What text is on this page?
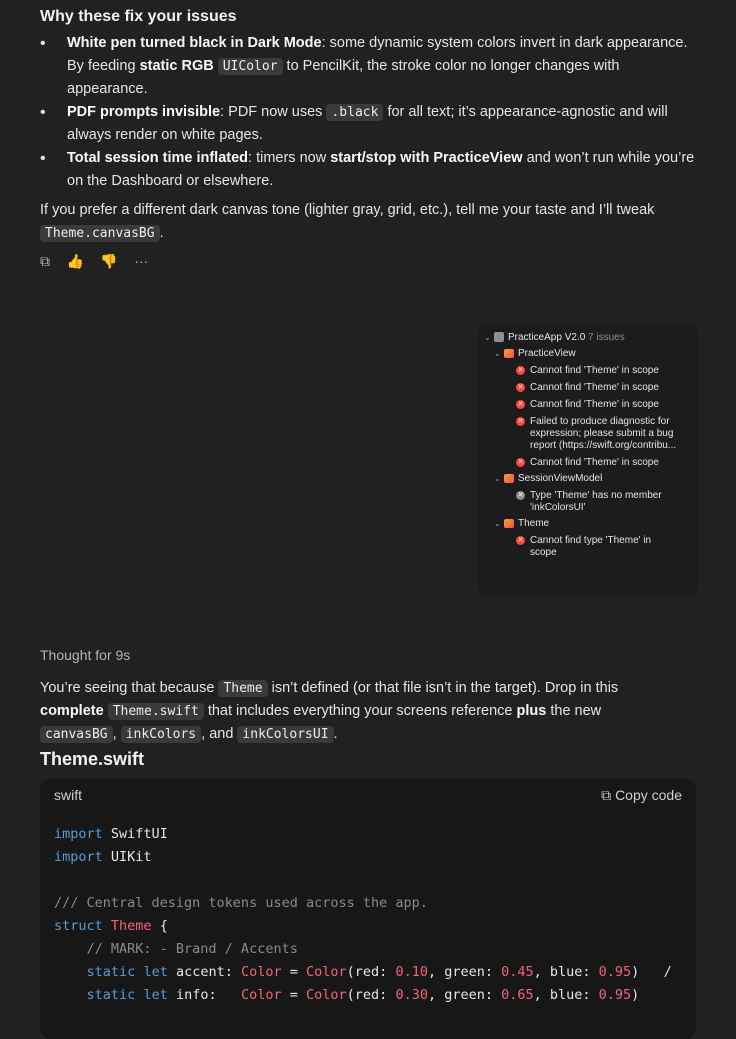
Why these fix your issues
• White pen turned black in Dark Mode: some dynamic system colors invert in dark appearance. By feeding static RGB UIColor to PencilKit, the stroke color no longer changes with appearance.
• PDF prompts invisible: PDF now uses .black for all text; it’s appearance-agnostic and will always render on white pages.
• Total session time inflated: timers now start/stop with PracticeView and won’t run while you’re on the Dashboard or elsewhere.

If you prefer a different dark canvas tone (lighter gray, grid, etc.), tell me your taste and I’ll tweak Theme.canvasBG .

⧉ 👍 👎 ···
⌄ PracticeApp V2.0 7 issues
⌄ PracticeView
✕ Cannot find 'Theme' in scope
✕ Cannot find 'Theme' in scope
✕ Cannot find 'Theme' in scope
✕ Failed to produce diagnostic for
expression; please submit a bug
report (https://swift.org/contribu...
✕ Cannot find 'Theme' in scope
⌄ SessionViewModel
✕ Type 'Theme' has no member
'inkColorsUI'
⌄ Theme
✕ Cannot find type 'Theme' in
scope
Thought for 9s

You’re seeing that because Theme isn’t defined (or that file isn’t in the target). Drop in this
complete Theme.swift that includes everything your screens reference plus the new
canvasBG , inkColors , and inkColorsUI .

Theme.swift
swift	⧉ Copy code
import SwiftUI
import UIKit

/// Central design tokens used across the app.
struct Theme {
// MARK: - Brand / Accents
static let accent: Color = Color(red: 0.10, green: 0.45, blue: 0.95)   /
static let info:   Color = Color(red: 0.30, green: 0.65, blue: 0.95)
